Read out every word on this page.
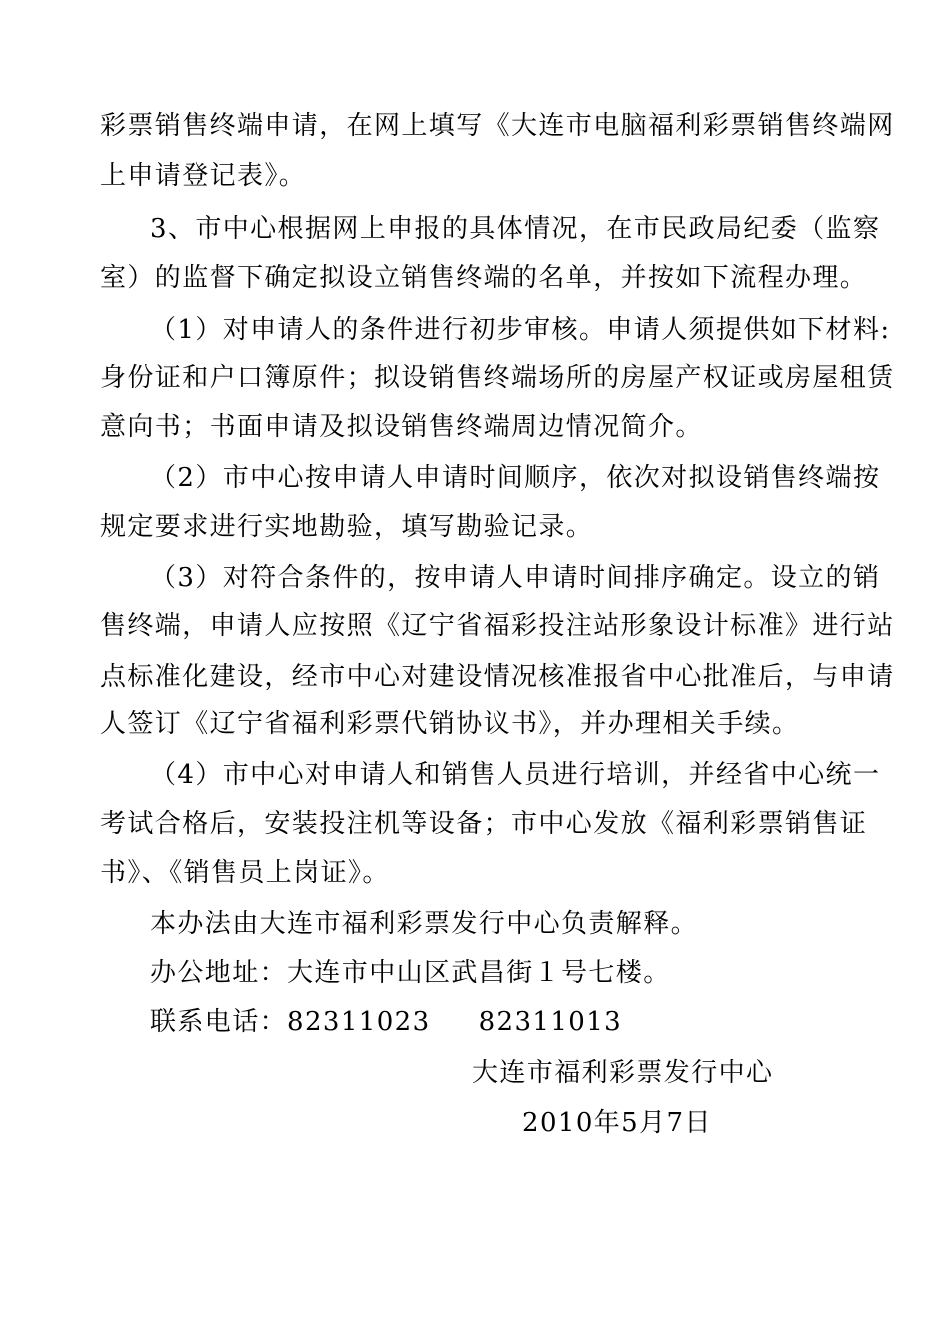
彩票销售终端申请，在网上填写《大连市电脑福利彩票销售终端网
上申请登记表》。
3、市中心根据网上申报的具体情况，在市民政局纪委（监察
室）的监督下确定拟设立销售终端的名单，并按如下流程办理。
（1）对申请人的条件进行初步审核。申请人须提供如下材料:
身份证和户口簿原件；拟设销售终端场所的房屋产权证或房屋租赁
意向书；书面申请及拟设销售终端周边情况简介。
（2）市中心按申请人申请时间顺序，依次对拟设销售终端按
规定要求进行实地勘验，填写勘验记录。
（3）对符合条件的，按申请人申请时间排序确定。设立的销
售终端，申请人应按照《辽宁省福彩投注站形象设计标准》进行站
点标准化建设，经市中心对建设情况核准报省中心批准后，与申请
人签订《辽宁省福利彩票代销协议书》，并办理相关手续。
（4）市中心对申请人和销售人员进行培训，并经省中心统一
考试合格后，安装投注机等设备；市中心发放《福利彩票销售证
书》、《销售员上岗证》。
本办法由大连市福利彩票发行中心负责解释。
办公地址：大连市中山区武昌街１号七楼。
联系电话：82311023 82311013
大连市福利彩票发行中心
2010年5月7日
